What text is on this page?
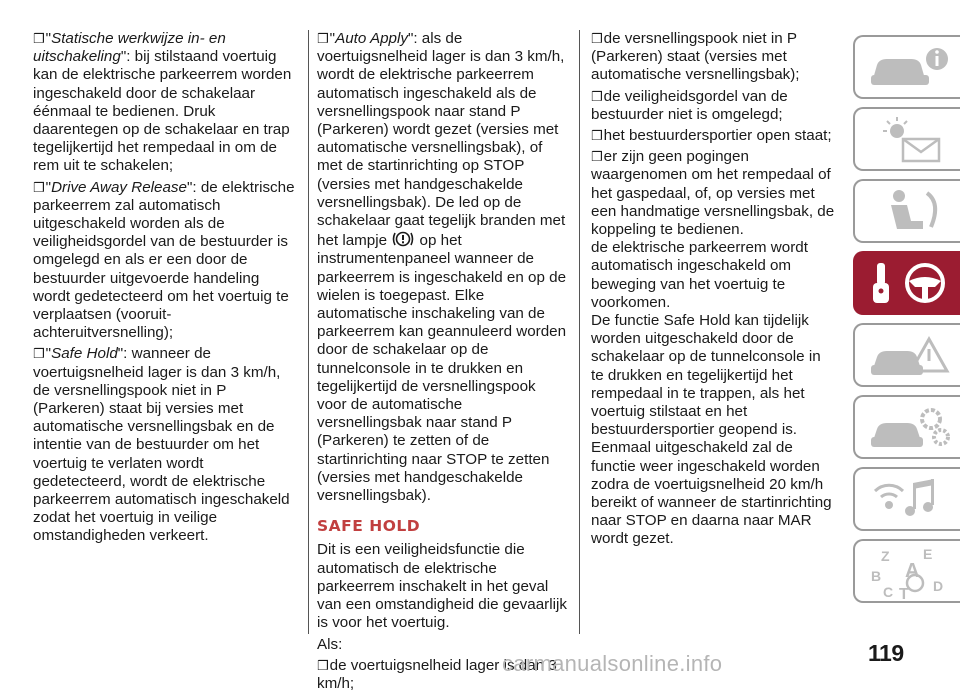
❒"Statische werkwijze in- en uitschakeling": bij stilstaand voertuig kan de elektrische parkeerrem worden ingeschakeld door de schakelaar éénmaal te bedienen. Druk daarentegen op de schakelaar en trap tegelijkertijd het rempedaal in om de rem uit te schakelen;

❒"Drive Away Release": de elektrische parkeerrem zal automatisch uitgeschakeld worden als de veiligheidsgordel van de bestuurder is omgelegd en als er een door de bestuurder uitgevoerde handeling wordt gedetecteerd om het voertuig te verplaatsen (vooruit-achteruitversnelling);

❒"Safe Hold": wanneer de voertuigsnelheid lager is dan 3 km/h, de versnellingspook niet in P (Parkeren) staat bij versies met automatische versnellingsbak en de intentie van de bestuurder om het voertuig te verlaten wordt gedetecteerd, wordt de elektrische parkeerrem automatisch ingeschakeld zodat het voertuig in veilige omstandigheden verkeert.

❒"Auto Apply": als de voertuigsnelheid lager is dan 3 km/h, wordt de elektrische parkeerrem automatisch ingeschakeld als de versnellingspook naar stand P (Parkeren) wordt gezet (versies met automatische versnellingsbak), of met de startinrichting op STOP (versies met handgeschakelde versnellingsbak). De led op de schakelaar gaat tegelijk branden met het lampje op het instrumentenpaneel wanneer de parkeerrem is ingeschakeld en op de wielen is toegepast. Elke automatische inschakeling van de parkeerrem kan geannuleerd worden door de schakelaar op de tunnelconsole in te drukken en tegelijkertijd de versnellingspook voor de automatische versnellingsbak naar stand P (Parkeren) te zetten of de startinrichting naar STOP te zetten (versies met handgeschakelde versnellingsbak).

SAFE HOLD

Dit is een veiligheidsfunctie die automatisch de elektrische parkeerrem inschakelt in het geval van een omstandigheid die gevaarlijk is voor het voertuig.

Als:

❒de voertuigsnelheid lager is dan 3 km/h;

❒de versnellingspook niet in P (Parkeren) staat (versies met automatische versnellingsbak);

❒de veiligheidsgordel van de bestuurder niet is omgelegd;

❒het bestuurdersportier open staat;

❒er zijn geen pogingen waargenomen om het rempedaal of het gaspedaal, of, op versies met een handmatige versnellingsbak, de koppeling te bedienen.

de elektrische parkeerrem wordt automatisch ingeschakeld om beweging van het voertuig te voorkomen.

De functie Safe Hold kan tijdelijk worden uitgeschakeld door de schakelaar op de tunnelconsole in te drukken en tegelijkertijd het rempedaal in te trappen, als het voertuig stilstaat en het bestuurdersportier geopend is. Eenmaal uitgeschakeld zal de functie weer ingeschakeld worden zodra de voertuigsnelheid 20 km/h bereikt of wanneer de startinrichting naar STOP en daarna naar MAR wordt gezet.

Z E
A
B
C T D
119
carmanualsonline.info
